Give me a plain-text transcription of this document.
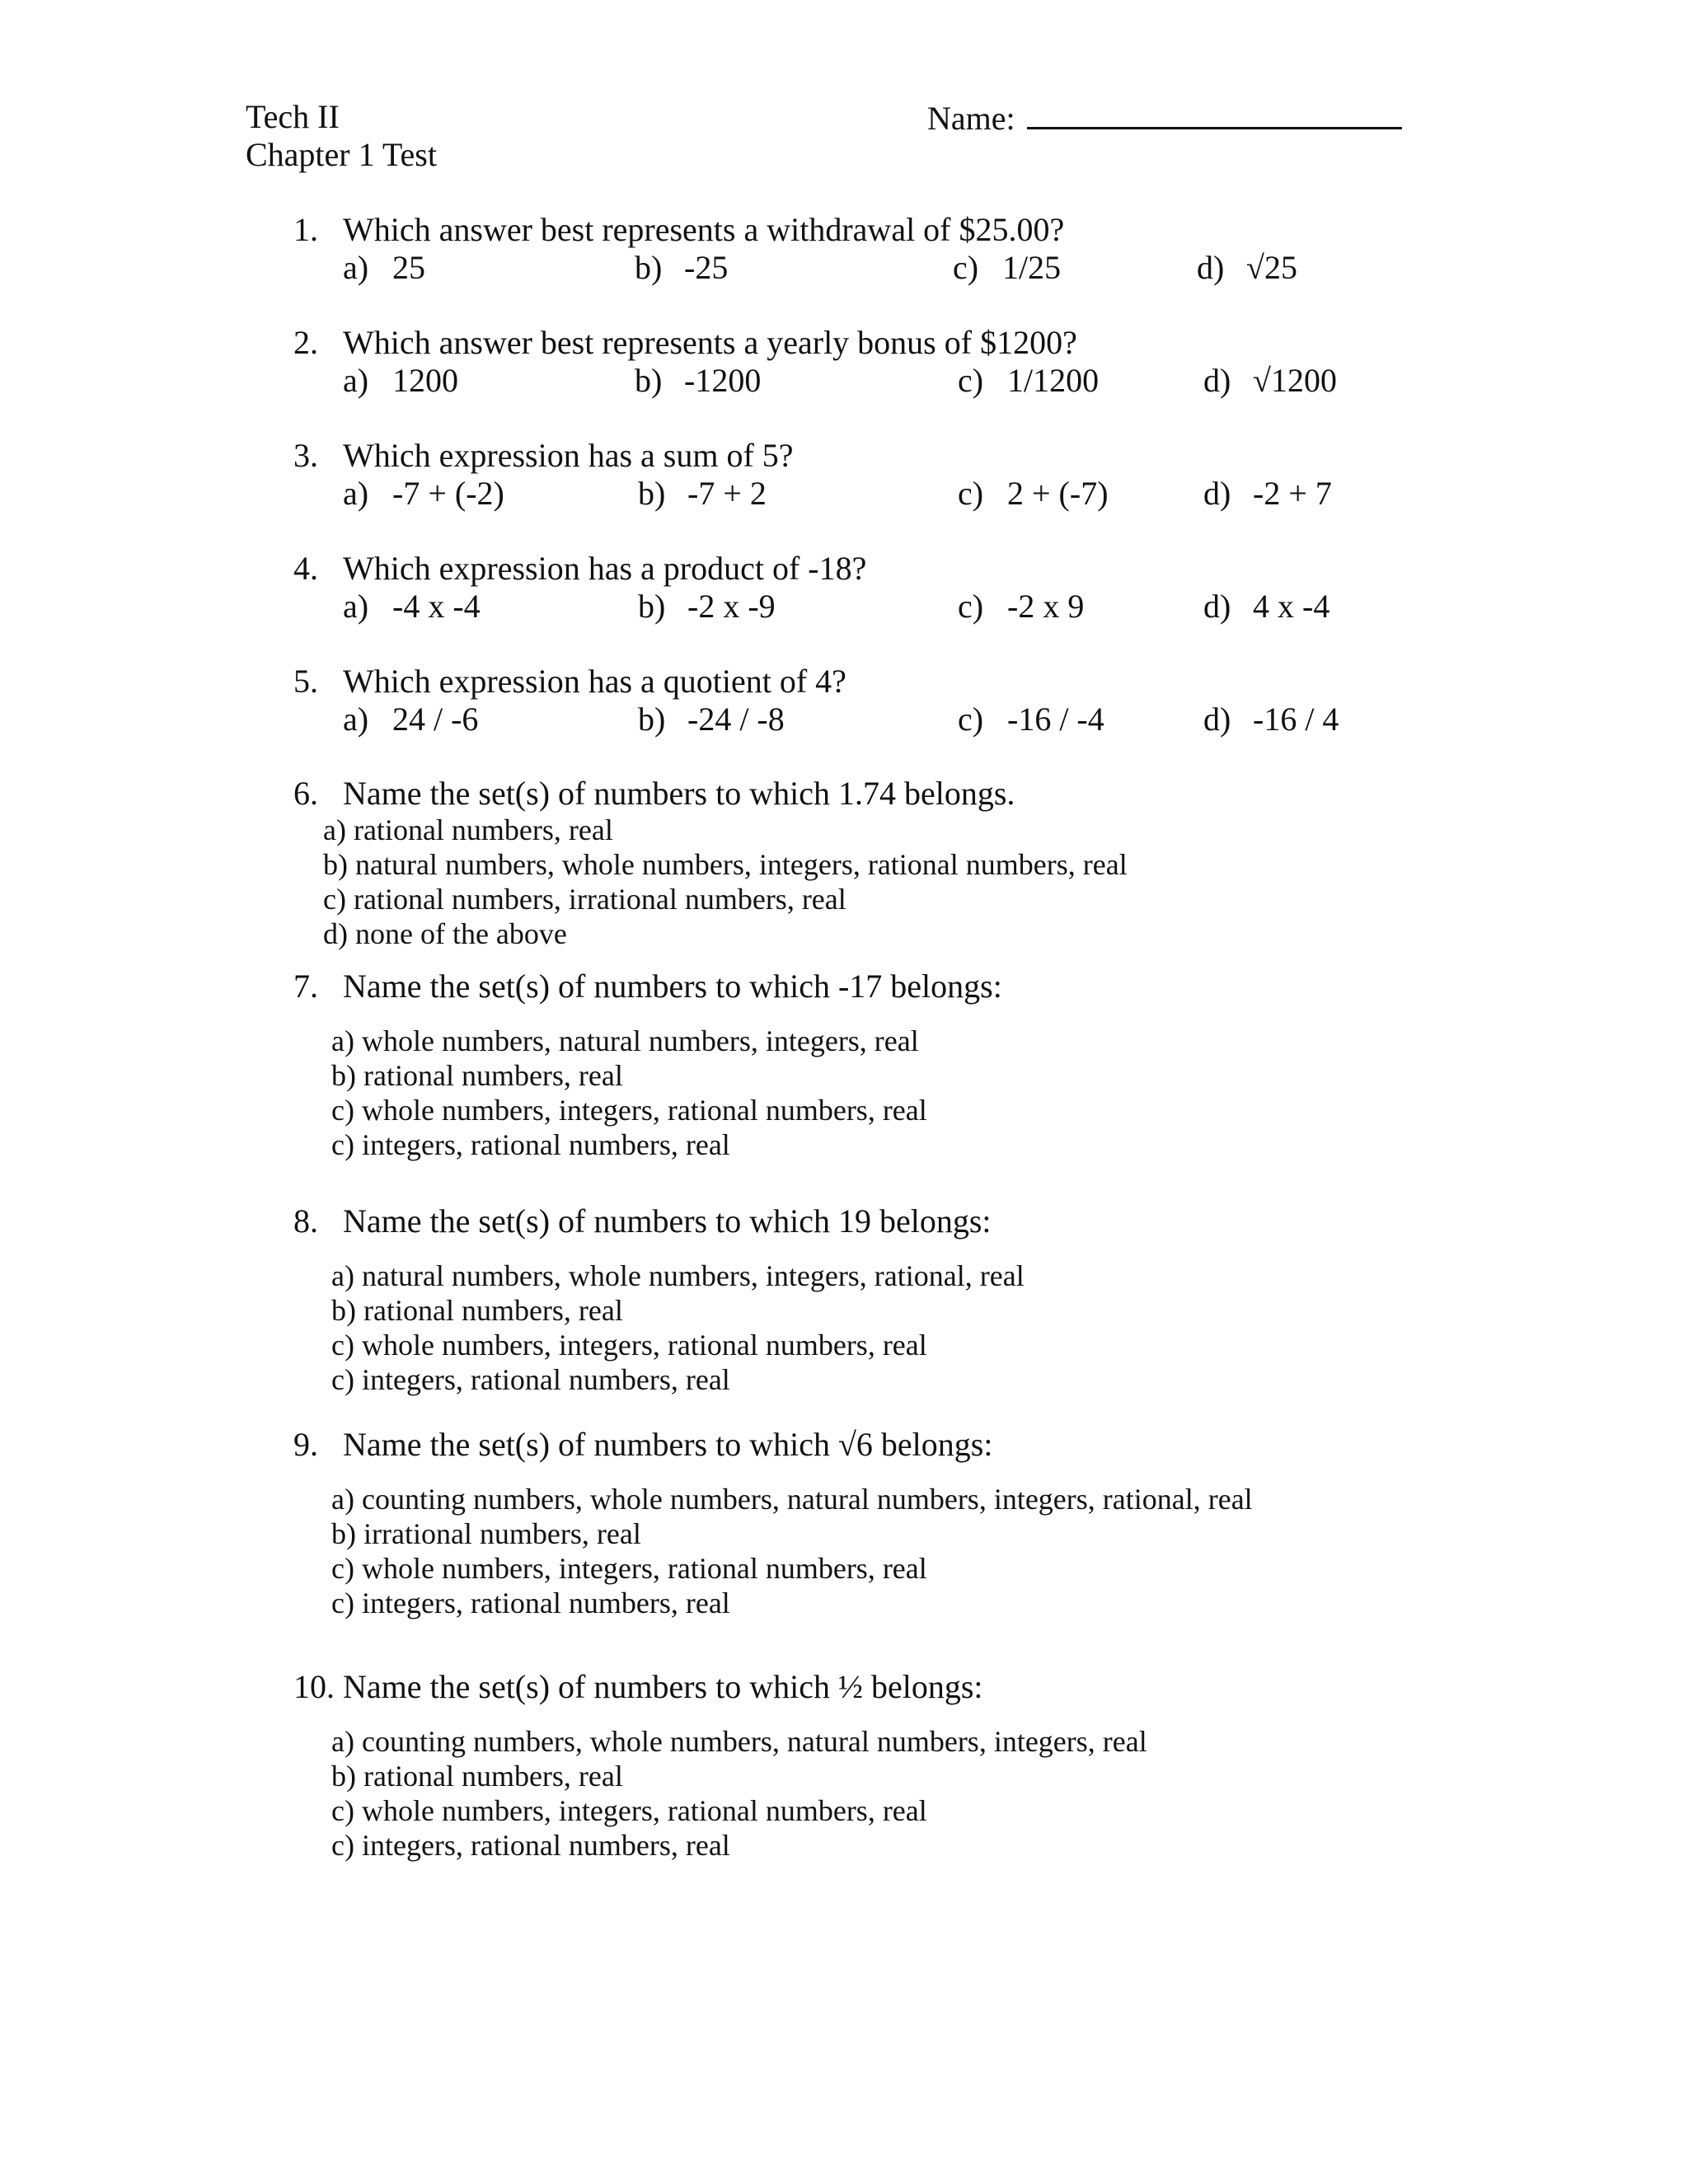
Tech II
Chapter 1 Test
Name:
1. Which answer best represents a withdrawal of $25.00?
a) 25	b) -25	c) 1/25	d) √25
2. Which answer best represents a yearly bonus of $1200?
a) 1200	b) -1200	c) 1/1200	d) √1200
3. Which expression has a sum of 5?
a) -7 + (-2)	b) -7 + 2	c) 2 + (-7)	d) -2 + 7
4. Which expression has a product of -18?
a) -4 x -4	b) -2 x -9	c) -2 x 9	d) 4 x -4
5. Which expression has a quotient of 4?
a) 24 / -6	b) -24 / -8	c) -16 / -4	d) -16 / 4
6. Name the set(s) of numbers to which 1.74 belongs.
a) rational numbers, real
b) natural numbers, whole numbers, integers, rational numbers, real
c) rational numbers, irrational numbers, real
d) none of the above
7. Name the set(s) of numbers to which -17 belongs:
a) whole numbers, natural numbers, integers, real
b) rational numbers, real
c) whole numbers, integers, rational numbers, real
c) integers, rational numbers, real
8. Name the set(s) of numbers to which 19 belongs:
a) natural numbers, whole numbers, integers, rational, real
b) rational numbers, real
c) whole numbers, integers, rational numbers, real
c) integers, rational numbers, real
9. Name the set(s) of numbers to which √6 belongs:
a) counting numbers, whole numbers, natural numbers, integers, rational, real
b) irrational numbers, real
c) whole numbers, integers, rational numbers, real
c) integers, rational numbers, real
10. Name the set(s) of numbers to which ½ belongs:
a) counting numbers, whole numbers, natural numbers, integers, real
b) rational numbers, real
c) whole numbers, integers, rational numbers, real
c) integers, rational numbers, real
